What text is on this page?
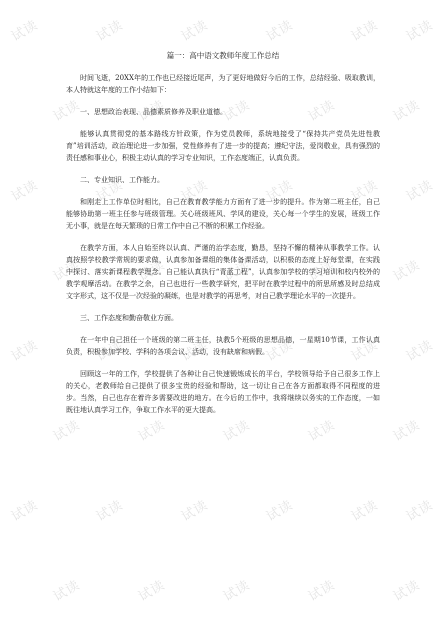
试读	试读	试读	试读	试读 试读
试读	试读	试读	试读	试读
试读	试读	试读	试读	试读 试读
试读	试读	试读	试读	试读
试读	试读	试读	试读	试读 试读
试读	试读	试读	试读	试读
试读	试读	试读	试读	试读 试读
试读	试读	试读	试读	试读
篇一：高中语文教师年度工作总结
时间飞逝，20XX年的工作也已经接近尾声，为了更好地做好今后的工作，总结经验、吸取教训，本人特就这年度的工作小结如下：
一、思想政治表现、品德素质修养及职业道德。
能够认真贯彻党的基本路线方针政策，作为党员教师，系统地接受了“保持共产党员先进性教育”培训活动，政治理论进一步加强，党性修养有了进一步的提高；遵纪守法，爱岗敬业，具有强烈的责任感和事业心，积极主动认真的学习专业知识，工作态度端正，认真负责。
二、专业知识、工作能力。
和刚走上工作单位时相比，自己在教育教学能力方面有了进一步的提升。作为第二班主任，自己能够协助第一班主任参与班级管理。关心班级班风、学风的建设，关心每一个学生的发展，班级工作无小事，就是在每天繁琐的日常工作中自己不断的积累工作经验。
在教学方面，本人自始至终以认真、严谨的治学态度，勤恳，坚持不懈的精神从事教学工作。认真按照学校教学常规的要求做，认真参加备课组的集体备课活动，以积极的态度上好每堂课，在实践中探讨、落实新课程教学理念。自己能认真执行“青蓝工程”，认真参加学校的学习培训和校内校外的教学观摩活动。在教学之余，自己也进行一些教学研究，把平时在教学过程中的所思所感及时总结成文字形式，这不仅是一次经验的凝练，也是对教学的再思考，对自己教学理论水平的一次提升。
三、工作态度和勤奋敬业方面。
在一年中自己担任一个班级的第二班主任，执教5个班级的思想品德，一星期10节课，工作认真负责，积极参加学校、学科的各项会议、活动，没有缺席和病假。
回顾这一年的工作，学校提供了各种让自己快速锻炼成长的平台，学校领导给予自己很多工作上的关心，老教师给自己提供了很多宝贵的经验和帮助，这一切让自己在各方面都取得不同程度的进步。当然，自己也存在着许多需要改进的地方。在今后的工作中，我将继续以务实的工作态度，一如既往地认真学习工作，争取工作水平的更大提高。
